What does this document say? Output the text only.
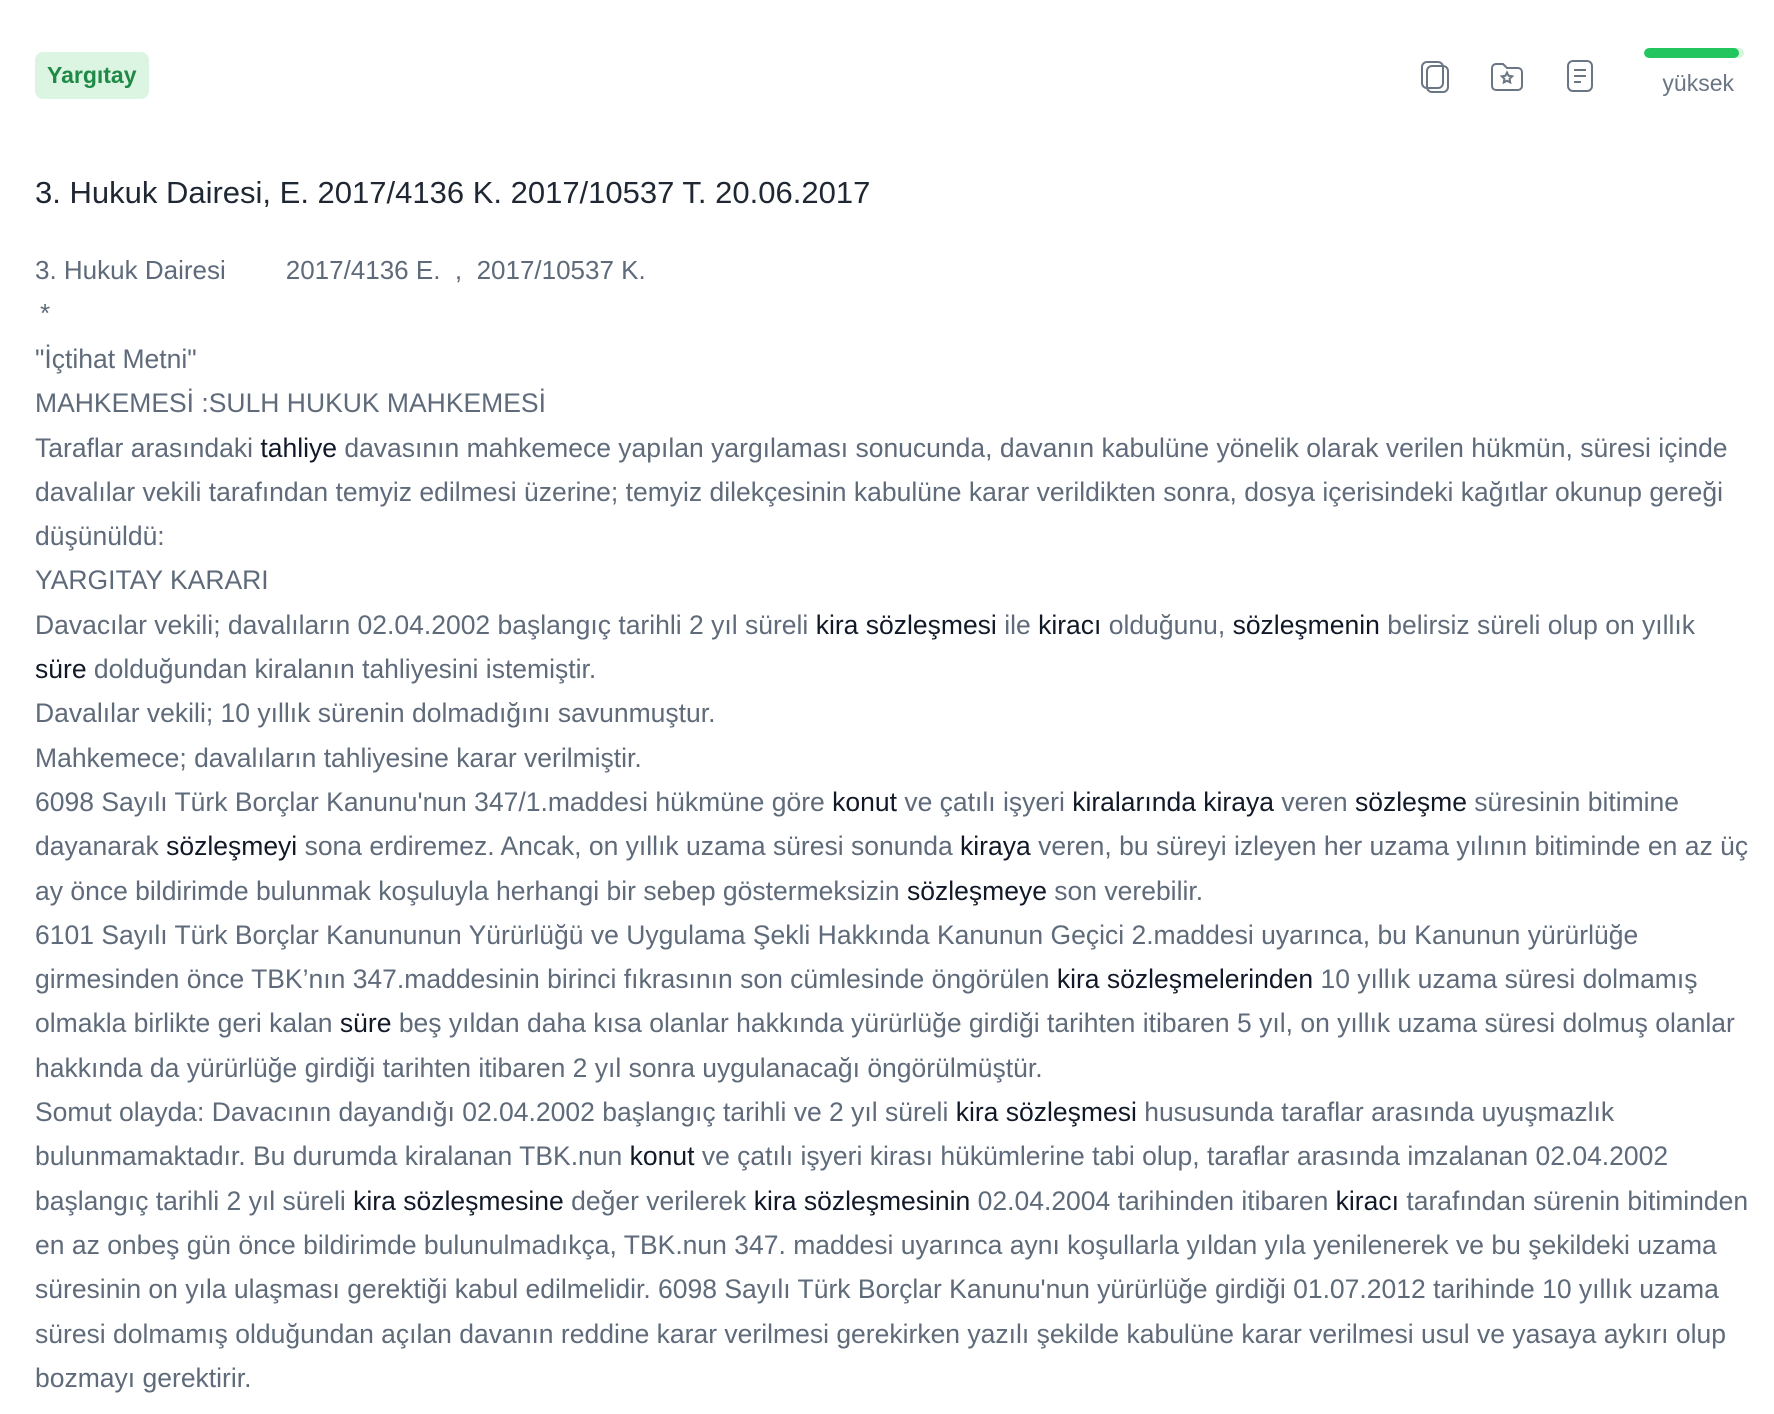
Yargıtay	yüksek
3. Hukuk Dairesi, E. 2017/4136 K. 2017/10537 T. 20.06.2017
3. Hukuk Dairesi 2017/4136 E. , 2017/10537 K.
*

"İçtihat Metni"

MAHKEMESİ :SULH HUKUK MAHKEMESİ

Taraflar arasındaki tahliye davasının mahkemece yapılan yargılaması sonucunda, davanın kabulüne yönelik olarak verilen hükmün, süresi içinde davalılar vekili tarafından temyiz edilmesi üzerine; temyiz dilekçesinin kabulüne karar verildikten sonra, dosya içerisindeki kağıtlar okunup gereği düşünüldü:

YARGITAY KARARI

Davacılar vekili; davalıların 02.04.2002 başlangıç tarihli 2 yıl süreli kira sözleşmesi ile kiracı olduğunu, sözleşmenin belirsiz süreli olup on yıllık süre dolduğundan kiralanın tahliyesini istemiştir.

Davalılar vekili; 10 yıllık sürenin dolmadığını savunmuştur.

Mahkemece; davalıların tahliyesine karar verilmiştir.

6098 Sayılı Türk Borçlar Kanunu'nun 347/1.maddesi hükmüne göre konut ve çatılı işyeri kiralarında kiraya veren sözleşme süresinin bitimine dayanarak sözleşmeyi sona erdiremez. Ancak, on yıllık uzama süresi sonunda kiraya veren, bu süreyi izleyen her uzama yılının bitiminde en az üç ay önce bildirimde bulunmak koşuluyla herhangi bir sebep göstermeksizin sözleşmeye son verebilir.

6101 Sayılı Türk Borçlar Kanununun Yürürlüğü ve Uygulama Şekli Hakkında Kanunun Geçici 2.maddesi uyarınca, bu Kanunun yürürlüğe girmesinden önce TBK’nın 347.maddesinin birinci fıkrasının son cümlesinde öngörülen kira sözleşmelerinden 10 yıllık uzama süresi dolmamış olmakla birlikte geri kalan süre beş yıldan daha kısa olanlar hakkında yürürlüğe girdiği tarihten itibaren 5 yıl, on yıllık uzama süresi dolmuş olanlar hakkında da yürürlüğe girdiği tarihten itibaren 2 yıl sonra uygulanacağı öngörülmüştür.

Somut olayda: Davacının dayandığı 02.04.2002 başlangıç tarihli ve 2 yıl süreli kira sözleşmesi hususunda taraflar arasında uyuşmazlık bulunmamaktadır. Bu durumda kiralanan TBK.nun konut ve çatılı işyeri kirası hükümlerine tabi olup, taraflar arasında imzalanan 02.04.2002 başlangıç tarihli 2 yıl süreli kira sözleşmesine değer verilerek kira sözleşmesinin 02.04.2004 tarihinden itibaren kiracı tarafından sürenin bitiminden en az onbeş gün önce bildirimde bulunulmadıkça, TBK.nun 347. maddesi uyarınca aynı koşullarla yıldan yıla yenilenerek ve bu şekildeki uzama süresinin on yıla ulaşması gerektiği kabul edilmelidir. 6098 Sayılı Türk Borçlar Kanunu'nun yürürlüğe girdiği 01.07.2012 tarihinde 10 yıllık uzama süresi dolmamış olduğundan açılan davanın reddine karar verilmesi gerekirken yazılı şekilde kabulüne karar verilmesi usul ve yasaya aykırı olup bozmayı gerektirir.
